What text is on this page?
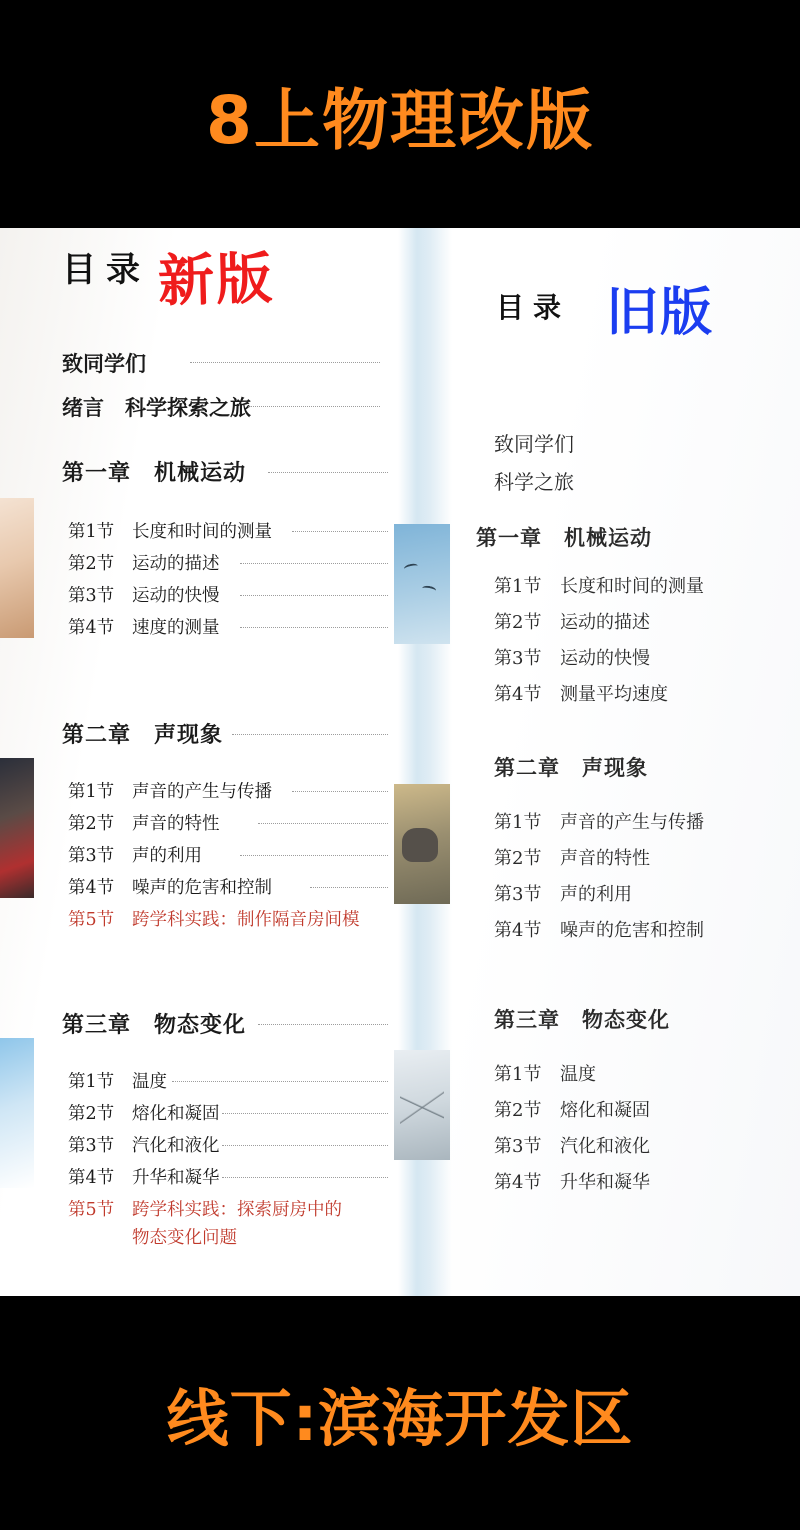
8上物理改版
目录 新版
致同学们
绪言　科学探索之旅
第一章　机械运动
第1节 长度和时间的测量
第2节 运动的描述
第3节 运动的快慢
第4节 速度的测量
第二章　声现象
第1节 声音的产生与传播
第2节 声音的特性
第3节 声的利用
第4节 噪声的危害和控制
第5节 跨学科实践：制作隔音房间模
第三章　物态变化
第1节 温度
第2节 熔化和凝固
第3节 汽化和液化
第4节 升华和凝华
第5节 跨学科实践：探索厨房中的
物态变化问题
目录 旧版
致同学们
科学之旅
第一章　机械运动
第1节 长度和时间的测量
第2节 运动的描述
第3节 运动的快慢
第4节 测量平均速度
第二章　声现象
第1节 声音的产生与传播
第2节 声音的特性
第3节 声的利用
第4节 噪声的危害和控制
第三章　物态变化
第1节 温度
第2节 熔化和凝固
第3节 汽化和液化
第4节 升华和凝华
线下:滨海开发区
